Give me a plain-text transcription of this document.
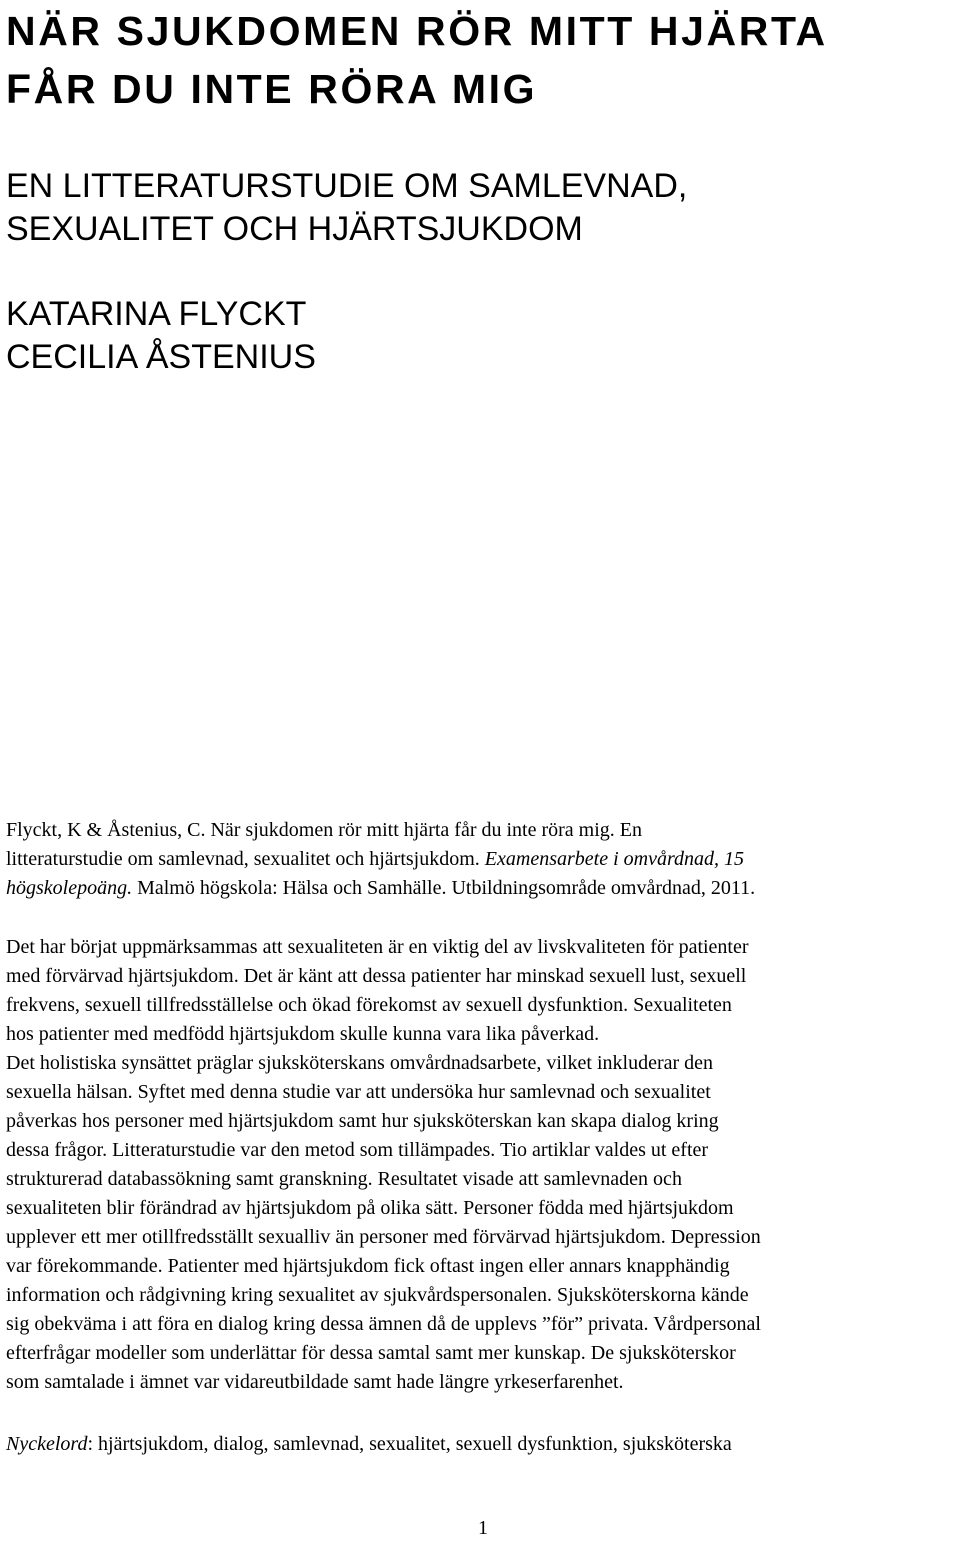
NÄR SJUKDOMEN RÖR MITT HJÄRTA
FÅR DU INTE RÖRA MIG
EN LITTERATURSTUDIE OM SAMLEVNAD,
SEXUALITET OCH HJÄRTSJUKDOM
KATARINA FLYCKT
CECILIA ÅSTENIUS

Flyckt, K & Åstenius, C. När sjukdomen rör mitt hjärta får du inte röra mig. En
litteraturstudie om samlevnad, sexualitet och hjärtsjukdom. Examensarbete i omvårdnad, 15
högskolepoäng. Malmö högskola: Hälsa och Samhälle. Utbildningsområde omvårdnad, 2011.

Det har börjat uppmärksammas att sexualiteten är en viktig del av livskvaliteten för patienter
med förvärvad hjärtsjukdom. Det är känt att dessa patienter har minskad sexuell lust, sexuell
frekvens, sexuell tillfredsställelse och ökad förekomst av sexuell dysfunktion. Sexualiteten
hos patienter med medfödd hjärtsjukdom skulle kunna vara lika påverkad.
Det holistiska synsättet präglar sjuksköterskans omvårdnadsarbete, vilket inkluderar den
sexuella hälsan. Syftet med denna studie var att undersöka hur samlevnad och sexualitet
påverkas hos personer med hjärtsjukdom samt hur sjuksköterskan kan skapa dialog kring
dessa frågor. Litteraturstudie var den metod som tillämpades. Tio artiklar valdes ut efter
strukturerad databassökning samt granskning. Resultatet visade att samlevnaden och
sexualiteten blir förändrad av hjärtsjukdom på olika sätt. Personer födda med hjärtsjukdom
upplever ett mer otillfredsställt sexualliv än personer med förvärvad hjärtsjukdom. Depression
var förekommande. Patienter med hjärtsjukdom fick oftast ingen eller annars knapphändig
information och rådgivning kring sexualitet av sjukvårdspersonalen. Sjuksköterskorna kände
sig obekväma i att föra en dialog kring dessa ämnen då de upplevs ”för” privata. Vårdpersonal
efterfrågar modeller som underlättar för dessa samtal samt mer kunskap. De sjuksköterskor
som samtalade i ämnet var vidareutbildade samt hade längre yrkeserfarenhet.

Nyckelord: hjärtsjukdom, dialog, samlevnad, sexualitet, sexuell dysfunktion, sjuksköterska

1
